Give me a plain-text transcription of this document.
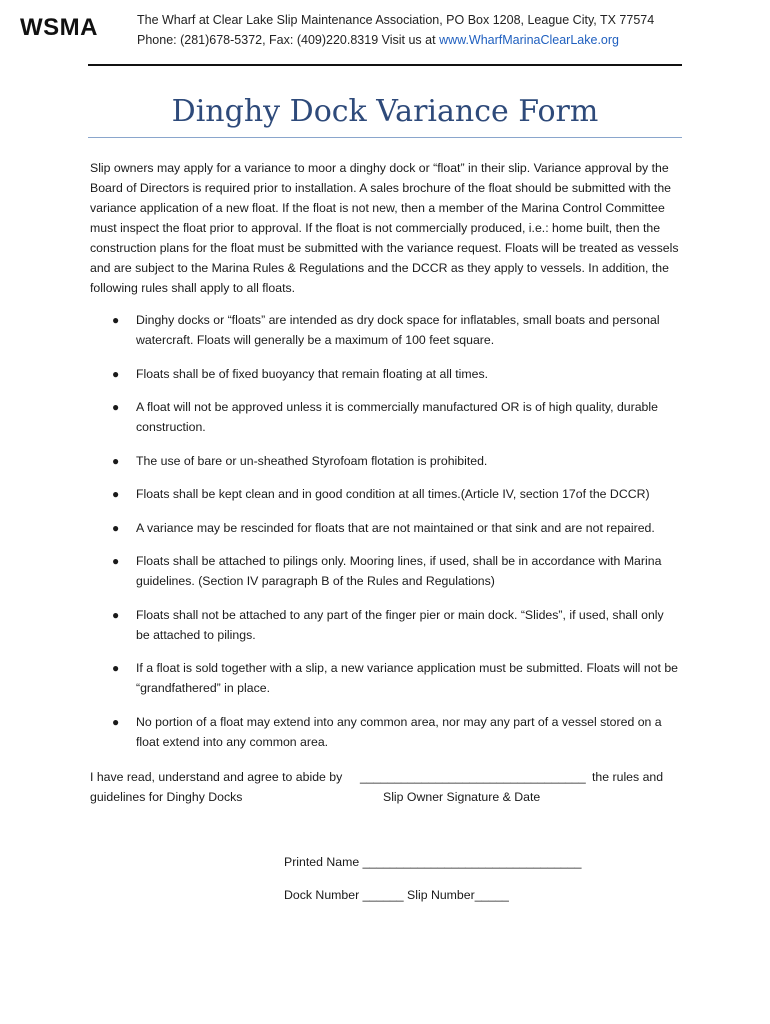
WSMA	The Wharf at Clear Lake Slip Maintenance Association, PO Box 1208, League City, TX 77574
Phone: (281)678-5372, Fax: (409)220.8319 Visit us at www.WharfMarinaClearLake.org
Dinghy Dock Variance Form
Slip owners may apply for a variance to moor a dinghy dock or “float” in their slip. Variance approval by the Board of Directors is required prior to installation. A sales brochure of the float should be submitted with the variance application of a new float. If the float is not new, then a member of the Marina Control Committee must inspect the float prior to approval. If the float is not commercially produced, i.e.: home built, then the construction plans for the float must be submitted with the variance request. Floats will be treated as vessels and are subject to the Marina Rules & Regulations and the DCCR as they apply to vessels. In addition, the following rules shall apply to all floats.
● Dinghy docks or “floats” are intended as dry dock space for inflatables, small boats and personal watercraft. Floats will generally be a maximum of 100 feet square.
● Floats shall be of fixed buoyancy that remain floating at all times.
● A float will not be approved unless it is commercially manufactured OR is of high quality, durable construction.
● The use of bare or un-sheathed Styrofoam flotation is prohibited.
● Floats shall be kept clean and in good condition at all times.(Article IV, section 17of the DCCR)
● A variance may be rescinded for floats that are not maintained or that sink and are not repaired.
● Floats shall be attached to pilings only. Mooring lines, if used, shall be in accordance with Marina guidelines. (Section IV paragraph B of the Rules and Regulations)
● Floats shall not be attached to any part of the finger pier or main dock. “Slides”, if used, shall only be attached to pilings.
● If a float is sold together with a slip, a new variance application must be submitted. Floats will not be “grandfathered” in place.
● No portion of a float may extend into any common area, nor may any part of a vessel stored on a float extend into any common area.
I have read, understand and agree to abide by _________________________________ the rules and
guidelines for Dinghy Docks	Slip Owner Signature & Date
Printed Name ________________________________
Dock Number ______ Slip Number_____
